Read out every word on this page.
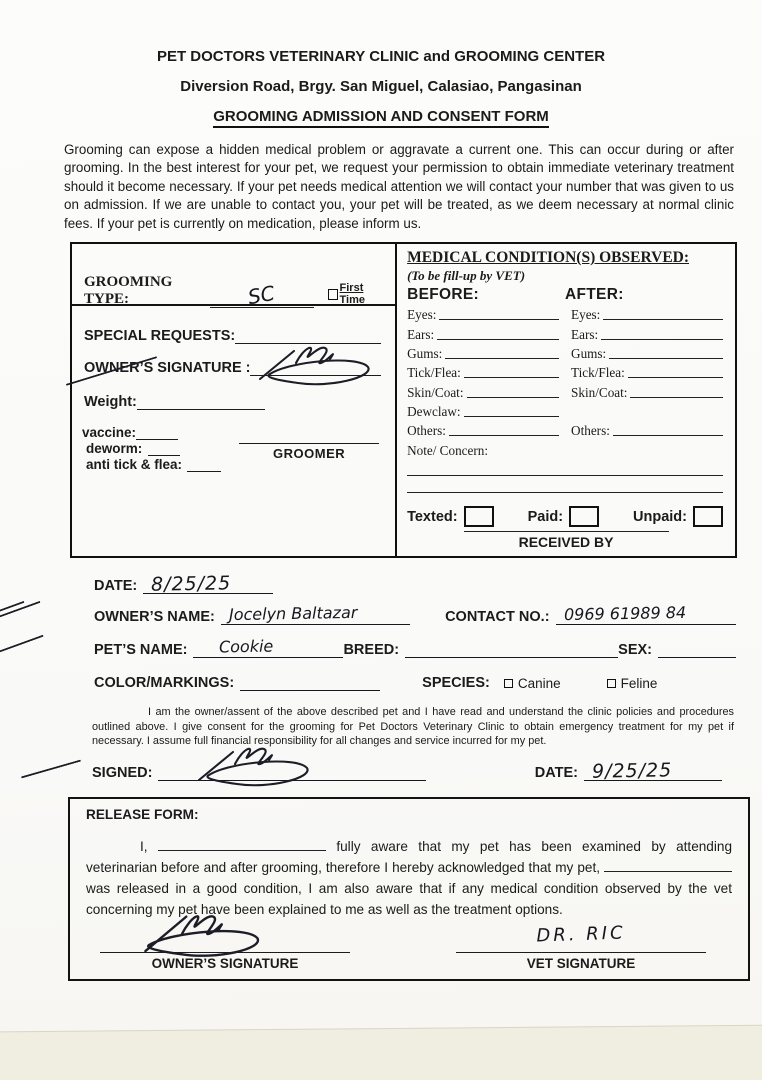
PET DOCTORS VETERINARY CLINIC and GROOMING CENTER
Diversion Road, Brgy. San Miguel, Calasiao, Pangasinan
GROOMING ADMISSION AND CONSENT FORM

Grooming can expose a hidden medical problem or aggravate a current one. This can occur during or after grooming. In the best interest for your pet, we request your permission to obtain immediate veterinary treatment should it become necessary. If your pet needs medical attention we will contact your number that was given to us on admission. If we are unable to contact you, your pet will be treated, as we deem necessary at normal clinic fees. If your pet is currently on medication, please inform us.

GROOMING TYPE:	SC	First Time
SPECIAL REQUESTS:
OWNER’S SIGNATURE :
Weight:
vaccine:
deworm:
anti tick & flea:
GROOMER
MEDICAL CONDITION(S) OBSERVED:
(To be fill-up by VET)
BEFORE:	AFTER:
Eyes:	Eyes:
Ears:	Ears:
Gums:	Gums:
Tick/Flea:	Tick/Flea:
Skin/Coat:	Skin/Coat:
Dewclaw:
Others:	Others:
Note/ Concern:
Texted:	Paid:	Unpaid:
RECEIVED BY
DATE: 8/25/25
OWNER’S NAME: Jocelyn Baltazar	CONTACT NO.: 0969 61989 84
PET’S NAME: Cookie	BREED:	SEX:
COLOR/MARKINGS:	SPECIES: Canine	Feline

I am the owner/assent of the above described pet and I have read and understand the clinic policies and procedures outlined above. I give consent for the grooming for Pet Doctors Veterinary Clinic to obtain emergency treatment for my pet if necessary. I assume full financial responsibility for all changes and service incurred for my pet.

SIGNED:	DATE: 9/25/25
RELEASE FORM:

I,	fully aware that my pet has been examined by attending veterinarian before and after grooming, therefore I hereby acknowledged that my pet,  was released in a good condition, I am also aware that if any medical condition observed by the vet concerning my pet have been explained to me as well as the treatment options.

OWNER’S SIGNATURE
DR. RIC
VET SIGNATURE
